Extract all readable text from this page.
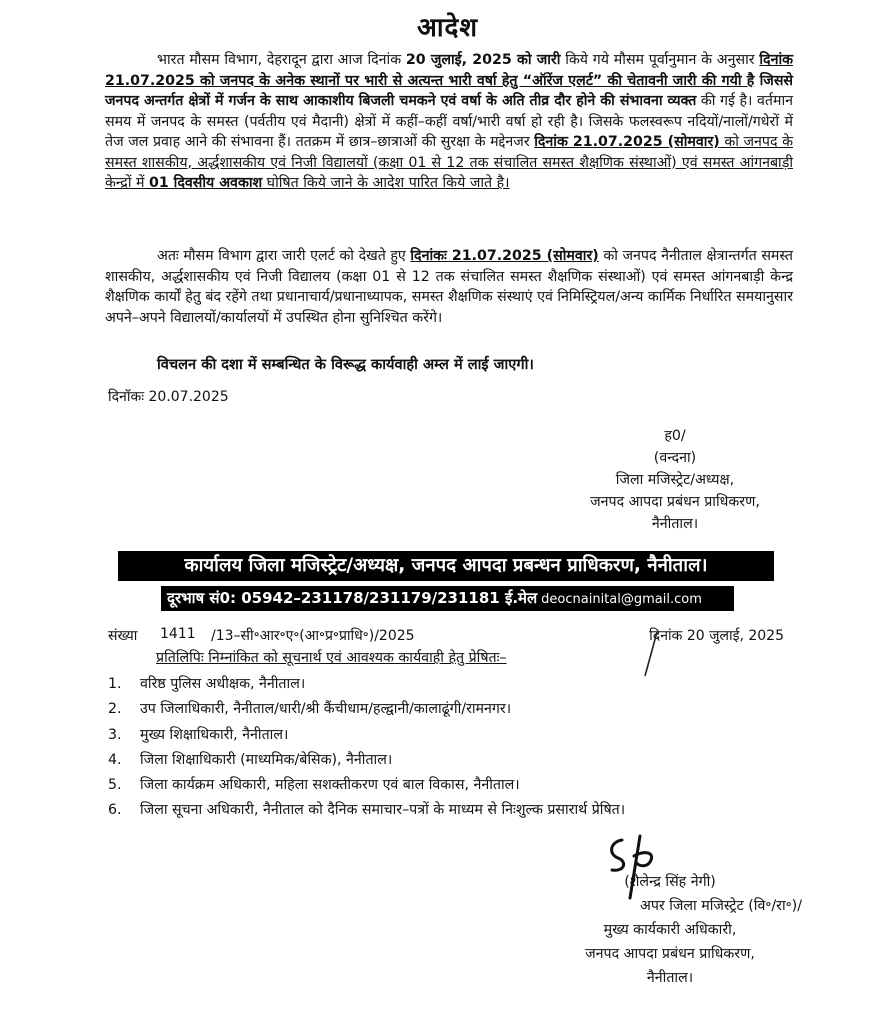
आदेश
भारत मौसम विभाग, देहरादून द्वारा आज दिनांक 20 जुलाई, 2025 को जारी किये गये मौसम पूर्वानुमान के अनुसार दिनांक 21.07.2025 को जनपद के अनेक स्थानों पर भारी से अत्यन्त भारी वर्षा हेतु “ऑरेंज एलर्ट” की चेतावनी जारी की गयी है जिससे जनपद अन्तर्गत क्षेत्रों में गर्जन के साथ आकाशीय बिजली चमकने एवं वर्षा के अति तीव्र दौर होने की संभावना व्यक्त की गई है। वर्तमान समय में जनपद के समस्त (पर्वतीय एवं मैदानी) क्षेत्रों में कहीं–कहीं वर्षा/भारी वर्षा हो रही है। जिसके फलस्वरूप नदियों/नालों/गधेरों में तेज जल प्रवाह आने की संभावना हैं। ततक्रम में छात्र–छात्राओं की सुरक्षा के मद्देनजर दिनांक 21.07.2025 (सोमवार) को जनपद के समस्त शासकीय, अर्द्धशासकीय एवं निजी विद्यालयों (कक्षा 01 से 12 तक संचालित समस्त शैक्षणिक संस्थाओं) एवं समस्त आंगनबाड़ी केन्द्रों में 01 दिवसीय अवकाश घोषित किये जाने के आदेश पारित किये जाते है।
अतः मौसम विभाग द्वारा जारी एलर्ट को देखते हुए दिनांकः 21.07.2025 (सोमवार) को जनपद नैनीताल क्षेत्रान्तर्गत समस्त शासकीय, अर्द्धशासकीय एवं निजी विद्यालय (कक्षा 01 से 12 तक संचालित समस्त शैक्षणिक संस्थाओं) एवं समस्त आंगनबाड़ी केन्द्र शैक्षणिक कार्यों हेतु बंद रहेंगे तथा प्रधानाचार्य/प्रधानाध्यापक, समस्त शैक्षणिक संस्थाएं एवं निमिस्ट्रियल/अन्य कार्मिक निर्धारित समयानुसार अपने–अपने विद्यालयों/कार्यालयों में उपस्थित होना सुनिश्चित करेंगे।
विचलन की दशा में सम्बन्धित के विरूद्ध कार्यवाही अम्ल में लाई जाएगी।
दिनॉकः 20.07.2025
ह0/
(वन्दना)
जिला मजिस्ट्रेट/अध्यक्ष,
जनपद आपदा प्रबंधन प्राधिकरण,
नैनीताल।
कार्यालय जिला मजिस्ट्रेट/अध्यक्ष, जनपद आपदा प्रबन्धन प्राधिकरण, नैनीताल।
दूरभाष सं0: 05942–231178/231179/231181 ई.मेल deocnainital@gmail.com
संख्या 1411 /13–सी॰आर॰ए॰(आ॰प्र॰प्राधि॰)/2025	दिनांक 20 जुलाई, 2025
प्रतिलिपिः निम्नांकित को सूचनार्थ एवं आवश्यक कार्यवाही हेतु प्रेषितः–
1. वरिष्ठ पुलिस अधीक्षक, नैनीताल।
2. उप जिलाधिकारी, नैनीताल/धारी/श्री कैंचीधाम/हल्द्वानी/कालाढूंगी/रामनगर।
3. मुख्य शिक्षाधिकारी, नैनीताल।
4. जिला शिक्षाधिकारी (माध्यमिक/बेसिक), नैनीताल।
5. जिला कार्यक्रम अधिकारी, महिला सशक्तीकरण एवं बाल विकास, नैनीताल।
6. जिला सूचना अधिकारी, नैनीताल को दैनिक समाचार–पत्रों के माध्यम से निःशुल्क प्रसारार्थ प्रेषित।
(शैलेन्द्र सिंह नेगी)
अपर जिला मजिस्ट्रेट (वि॰/रा॰)/
मुख्य कार्यकारी अधिकारी,
जनपद आपदा प्रबंधन प्राधिकरण,
नैनीताल।
